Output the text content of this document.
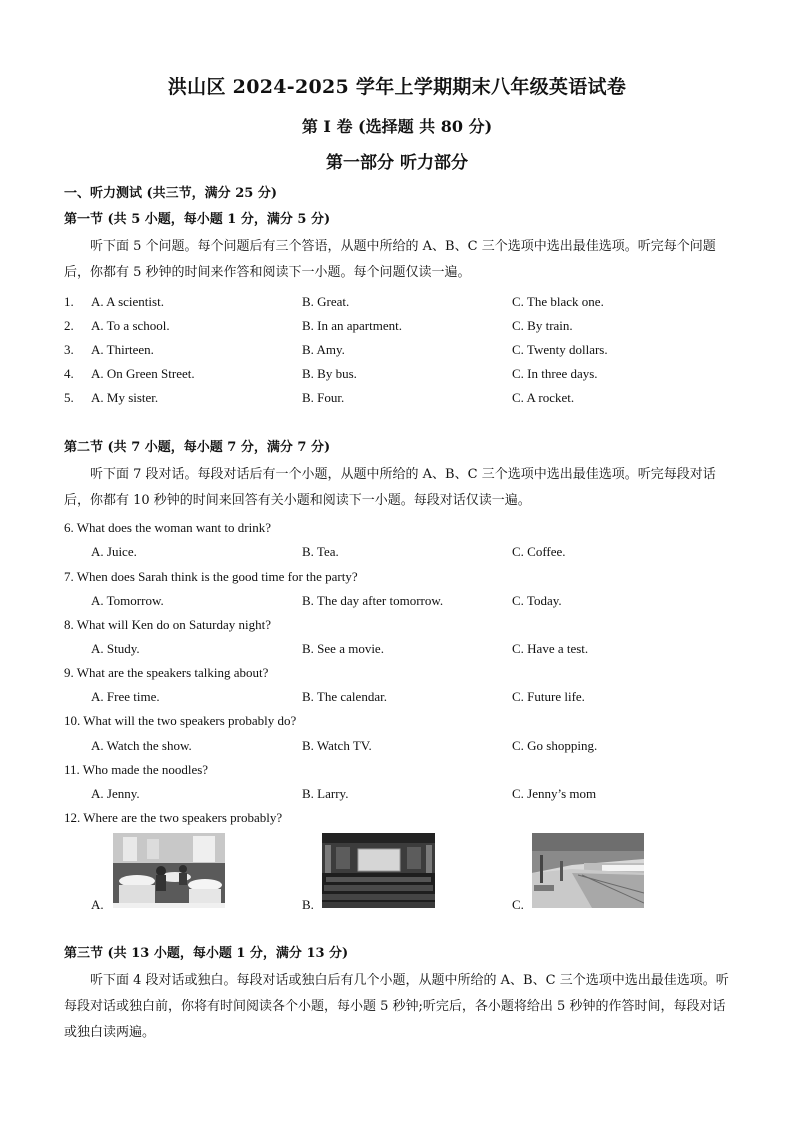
洪山区 2024-2025 学年上学期期末八年级英语试卷
第 I 卷 (选择题 共 80 分)
第一部分 听力部分
一、听力测试 (共三节，满分 25 分)
第一节 (共 5 小题，每小题 1 分，满分 5 分)
听下面 5 个问题。每个问题后有三个答语，从题中所给的 A、B、C 三个选项中选出最佳选项。听完每个问题后，你都有 5 秒钟的时间来作答和阅读下一小题。每个问题仅读一遍。
1. A. A scientist.	B. Great.	C. The black one.
2. A. To a school.	B. In an apartment.	C. By train.
3. A. Thirteen.	B. Amy.	C. Twenty dollars.
4. A. On Green Street.	B. By bus.	C. In three days.
5. A. My sister.	B. Four.	C. A rocket.
第二节 (共 7 小题，每小题 7 分，满分 7 分)
听下面 7 段对话。每段对话后有一个小题，从题中所给的 A、B、C 三个选项中选出最佳选项。听完每段对话后，你都有 10 秒钟的时间来回答有关小题和阅读下一小题。每段对话仅读一遍。
6. What does the woman want to drink?
A. Juice.	B. Tea.	C. Coffee.
7. When does Sarah think is the good time for the party?
A. Tomorrow.	B. The day after tomorrow.	C. Today.
8. What will Ken do on Saturday night?
A. Study.	B. See a movie.	C. Have a test.
9. What are the speakers talking about?
A. Free time.	B. The calendar.	C. Future life.
10. What will the two speakers probably do?
A. Watch the show.	B. Watch TV.	C. Go shopping.
11. Who made the noodles?
A. Jenny.	B. Larry.	C. Jenny’s mom
12. Where are the two speakers probably?
A.	B.	C.
第三节 (共 13 小题，每小题 1 分，满分 13 分)
听下面 4 段对话或独白。每段对话或独白后有几个小题，从题中所给的 A、B、C 三个选项中选出最佳选项。听每段对话或独白前，你将有时间阅读各个小题，每小题 5 秒钟;听完后，各小题将给出 5 秒钟的作答时间，每段对话或独白读两遍。
